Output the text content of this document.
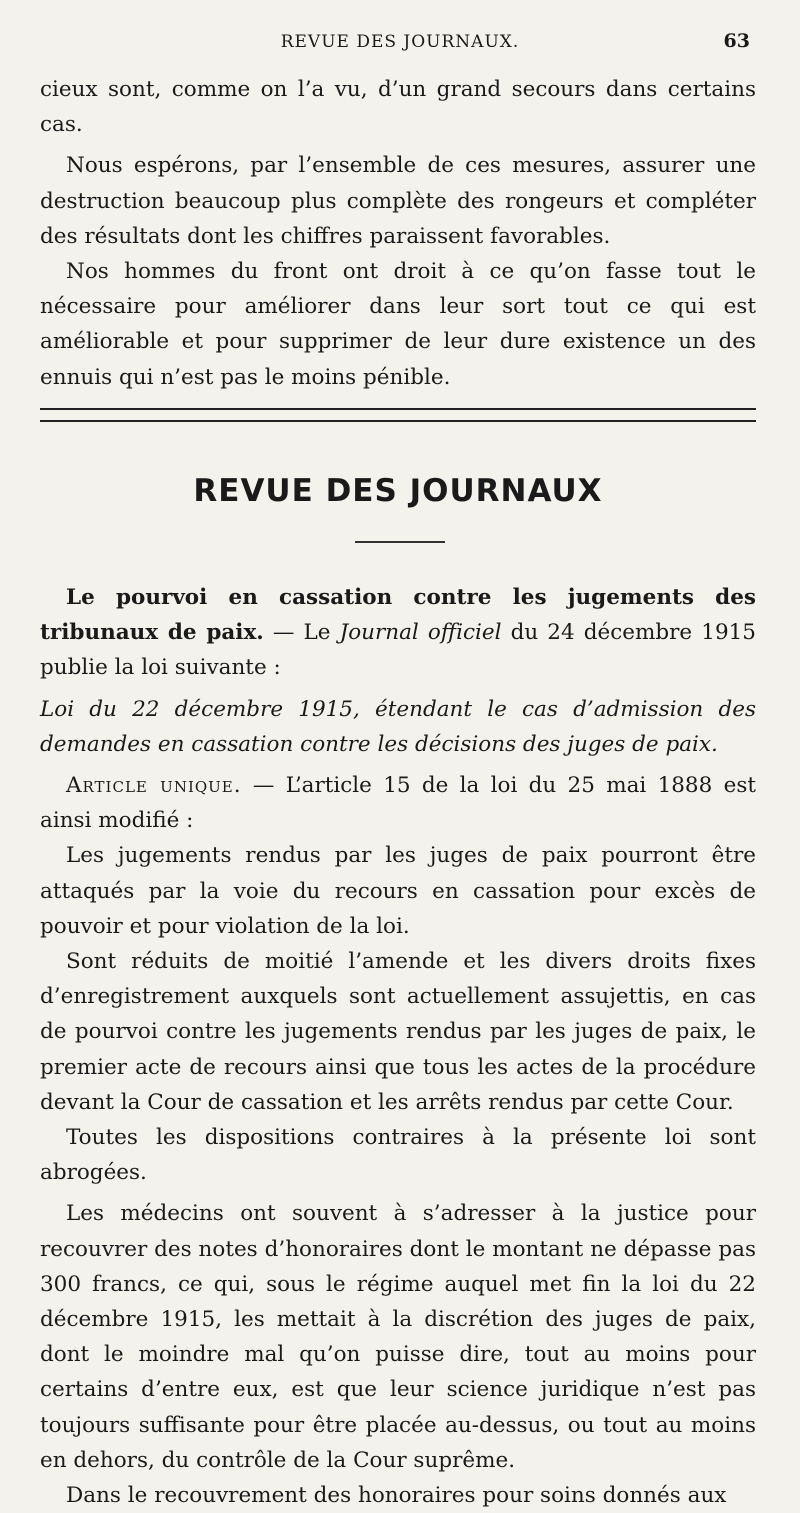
REVUE DES JOURNAUX.	63

cieux sont, comme on l’a vu, d’un grand secours dans certains cas.

Nous espérons, par l’ensemble de ces mesures, assurer une destruction beaucoup plus complète des rongeurs et compléter des résultats dont les chiffres paraissent favorables.

Nos hommes du front ont droit à ce qu’on fasse tout le nécessaire pour améliorer dans leur sort tout ce qui est améliorable et pour supprimer de leur dure existence un des ennuis qui n’est pas le moins pénible.

REVUE DES JOURNAUX

Le pourvoi en cassation contre les jugements des tribunaux de paix. — Le Journal officiel du 24 décembre 1915 publie la loi suivante :

Loi du 22 décembre 1915, étendant le cas d’admission des demandes en cassation contre les décisions des juges de paix.

Article unique. — L’article 15 de la loi du 25 mai 1888 est ainsi modifié :

Les jugements rendus par les juges de paix pourront être attaqués par la voie du recours en cassation pour excès de pouvoir et pour violation de la loi.

Sont réduits de moitié l’amende et les divers droits fixes d’enregistrement auxquels sont actuellement assujettis, en cas de pourvoi contre les jugements rendus par les juges de paix, le premier acte de recours ainsi que tous les actes de la procédure devant la Cour de cassation et les arrêts rendus par cette Cour.

Toutes les dispositions contraires à la présente loi sont abrogées.

Les médecins ont souvent à s’adresser à la justice pour recouvrer des notes d’honoraires dont le montant ne dépasse pas 300 francs, ce qui, sous le régime auquel met fin la loi du 22 décembre 1915, les mettait à la discrétion des juges de paix, dont le moindre mal qu’on puisse dire, tout au moins pour certains d’entre eux, est que leur science juridique n’est pas toujours suffisante pour être placée au-dessus, ou tout au moins en dehors, du contrôle de la Cour suprême.

Dans le recouvrement des honoraires pour soins donnés aux
